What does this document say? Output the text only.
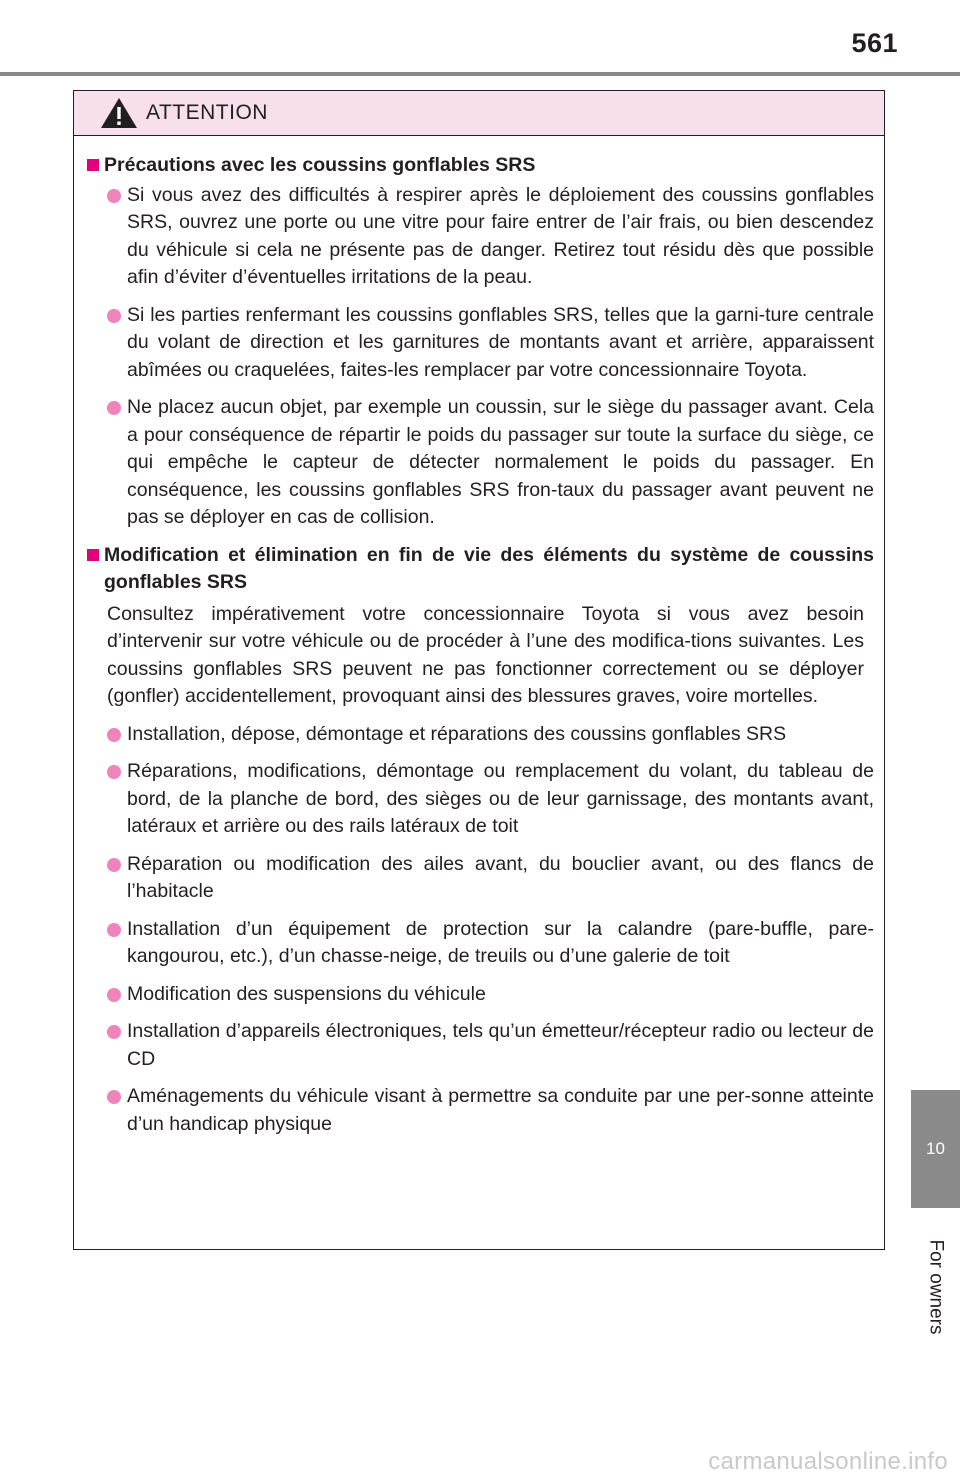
561
ATTENTION
Précautions avec les coussins gonflables SRS
Si vous avez des difficultés à respirer après le déploiement des coussins gonflables SRS, ouvrez une porte ou une vitre pour faire entrer de l’air frais, ou bien descendez du véhicule si cela ne présente pas de danger. Retirez tout résidu dès que possible afin d’éviter d’éventuelles irritations de la peau.
Si les parties renfermant les coussins gonflables SRS, telles que la garni-ture centrale du volant de direction et les garnitures de montants avant et arrière, apparaissent abîmées ou craquelées, faites-les remplacer par votre concessionnaire Toyota.
Ne placez aucun objet, par exemple un coussin, sur le siège du passager avant. Cela a pour conséquence de répartir le poids du passager sur toute la surface du siège, ce qui empêche le capteur de détecter normalement le poids du passager. En conséquence, les coussins gonflables SRS fron-taux du passager avant peuvent ne pas se déployer en cas de collision.
Modification et élimination en fin de vie des éléments du système de coussins gonflables SRS
Consultez impérativement votre concessionnaire Toyota si vous avez besoin d’intervenir sur votre véhicule ou de procéder à l’une des modifica-tions suivantes. Les coussins gonflables SRS peuvent ne pas fonctionner correctement ou se déployer (gonfler) accidentellement, provoquant ainsi des blessures graves, voire mortelles.
Installation, dépose, démontage et réparations des coussins gonflables SRS
Réparations, modifications, démontage ou remplacement du volant, du tableau de bord, de la planche de bord, des sièges ou de leur garnissage, des montants avant, latéraux et arrière ou des rails latéraux de toit
Réparation ou modification des ailes avant, du bouclier avant, ou des flancs de l’habitacle
Installation d’un équipement de protection sur la calandre (pare-buffle, pare-kangourou, etc.), d’un chasse-neige, de treuils ou d’une galerie de toit
Modification des suspensions du véhicule
Installation d’appareils électroniques, tels qu’un émetteur/récepteur radio ou lecteur de CD
Aménagements du véhicule visant à permettre sa conduite par une per-sonne atteinte d’un handicap physique
10
For owners
carmanualsonline.info
